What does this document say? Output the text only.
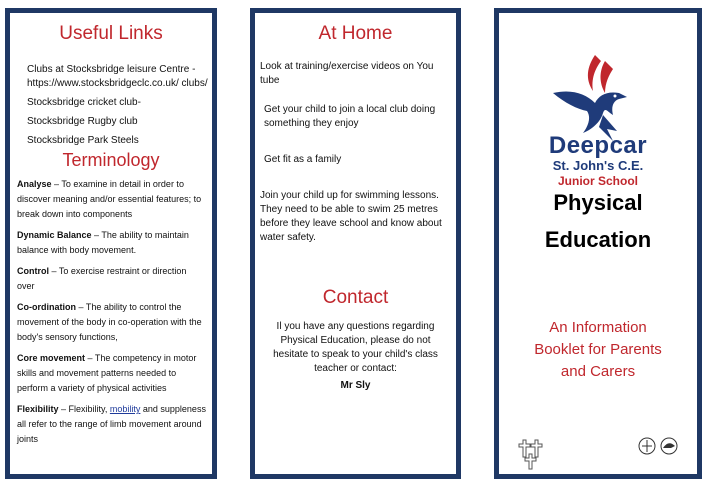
Useful Links
Clubs at Stocksbridge leisure Centre - https://www.stocksbridgeclc.co.uk/ clubs/
Stocksbridge cricket club-
Stocksbridge Rugby club
Stocksbridge Park Steels
Terminology
Analyse – To examine in detail in order to discover meaning and/or essential features; to break down into components
Dynamic Balance – The ability to maintain balance with body movement.
Control – To exercise restraint or direction over
Co-ordination – The ability to control the movement of the body in co-operation with the body's sensory functions,
Core movement – The competency in motor skills and movement patterns needed to perform a variety of physical activities
Flexibility – Flexibility, mobility and suppleness all refer to the range of limb movement around joints
At Home

Look at training/exercise videos on You tube

Get your child to join a local club doing something they enjoy

Get fit as a family

Join your child up for swimming lessons. They need to be able to swim 25 metres before they leave school and know about water safety.

Contact

Il you have any questions regarding Physical Education, please do not hesitate to speak to your child's class teacher or contact:

Mr Sly
Deepcar
St. John's C.E.
Junior School
Physical
Education
An Information
Booklet for Parents
and Carers
